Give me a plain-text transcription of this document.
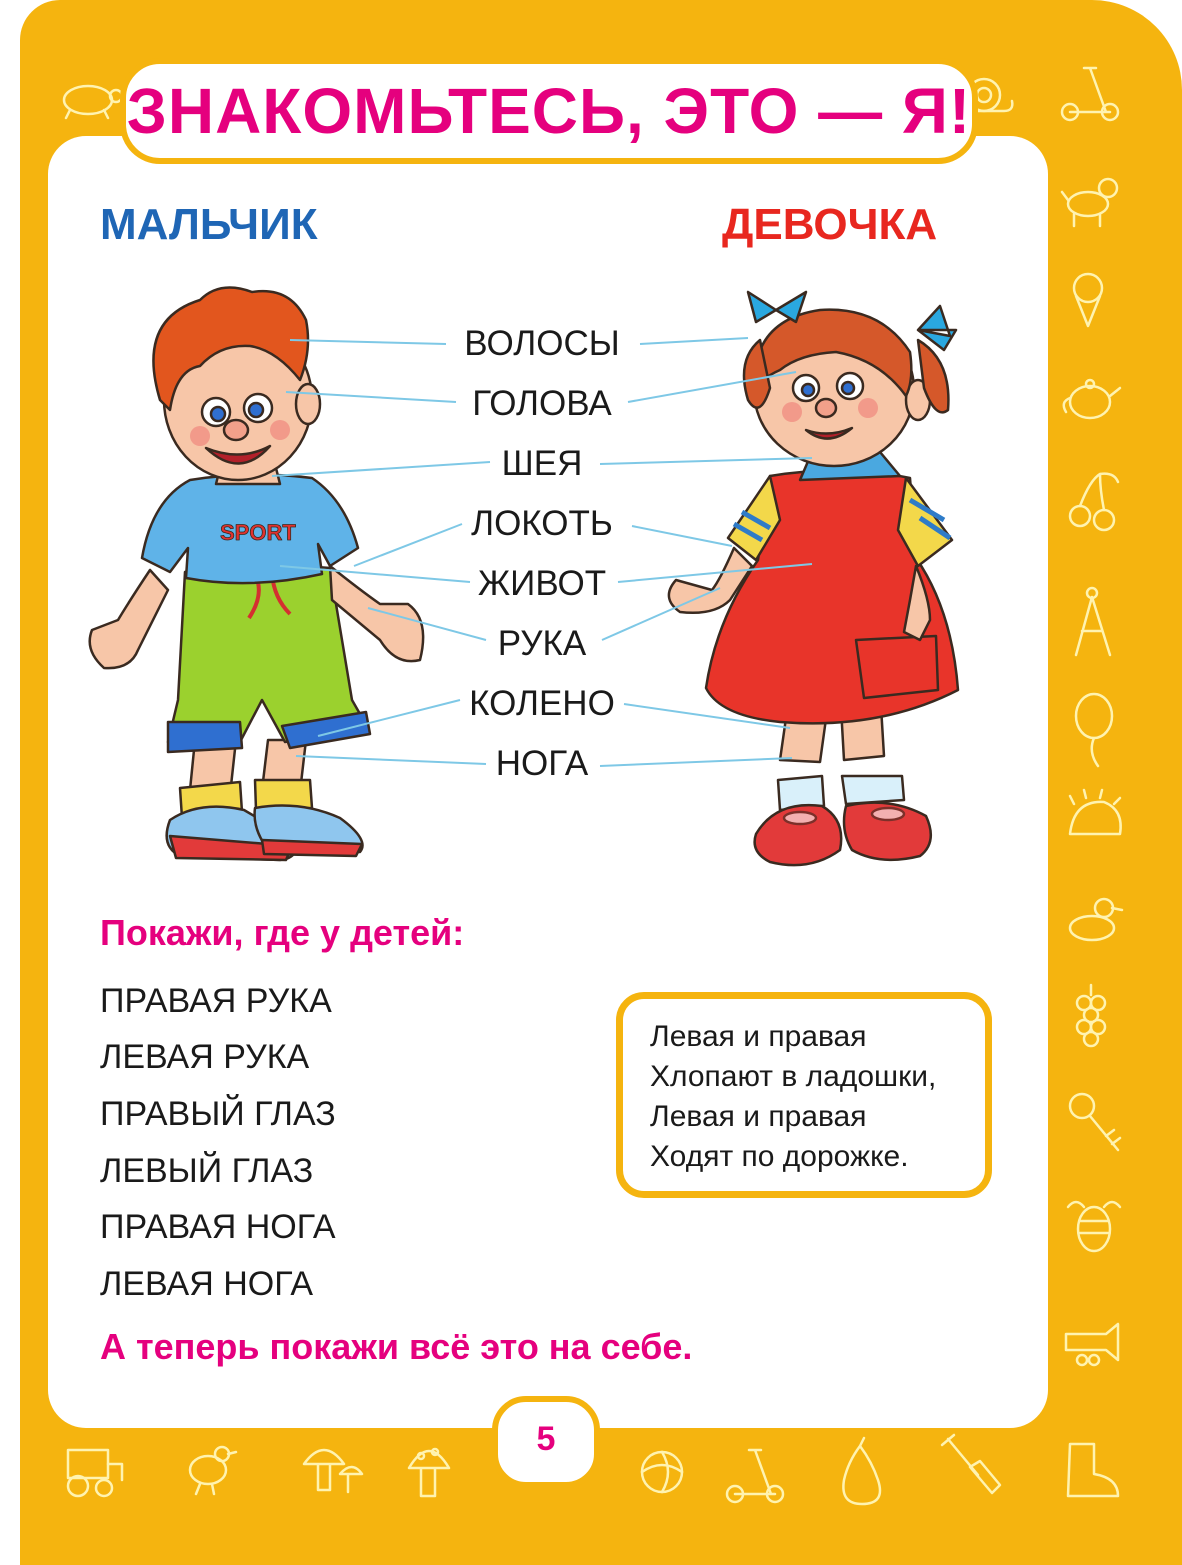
ЗНАКОМЬТЕСЬ, ЭТО — Я!
МАЛЬЧИК	ДЕВОЧКА
SPORT
ВОЛОСЫ
ГОЛОВА
ШЕЯ
ЛОКОТЬ
ЖИВОТ
РУКА
КОЛЕНО
НОГА
Покажи, где у детей:
ПРАВАЯ РУКА
ЛЕВАЯ РУКА
ПРАВЫЙ ГЛАЗ
ЛЕВЫЙ ГЛАЗ
ПРАВАЯ НОГА
ЛЕВАЯ НОГА
Левая и правая
Хлопают в ладошки,
Левая и правая
Ходят по дорожке.
А теперь покажи всё это на себе.
5
